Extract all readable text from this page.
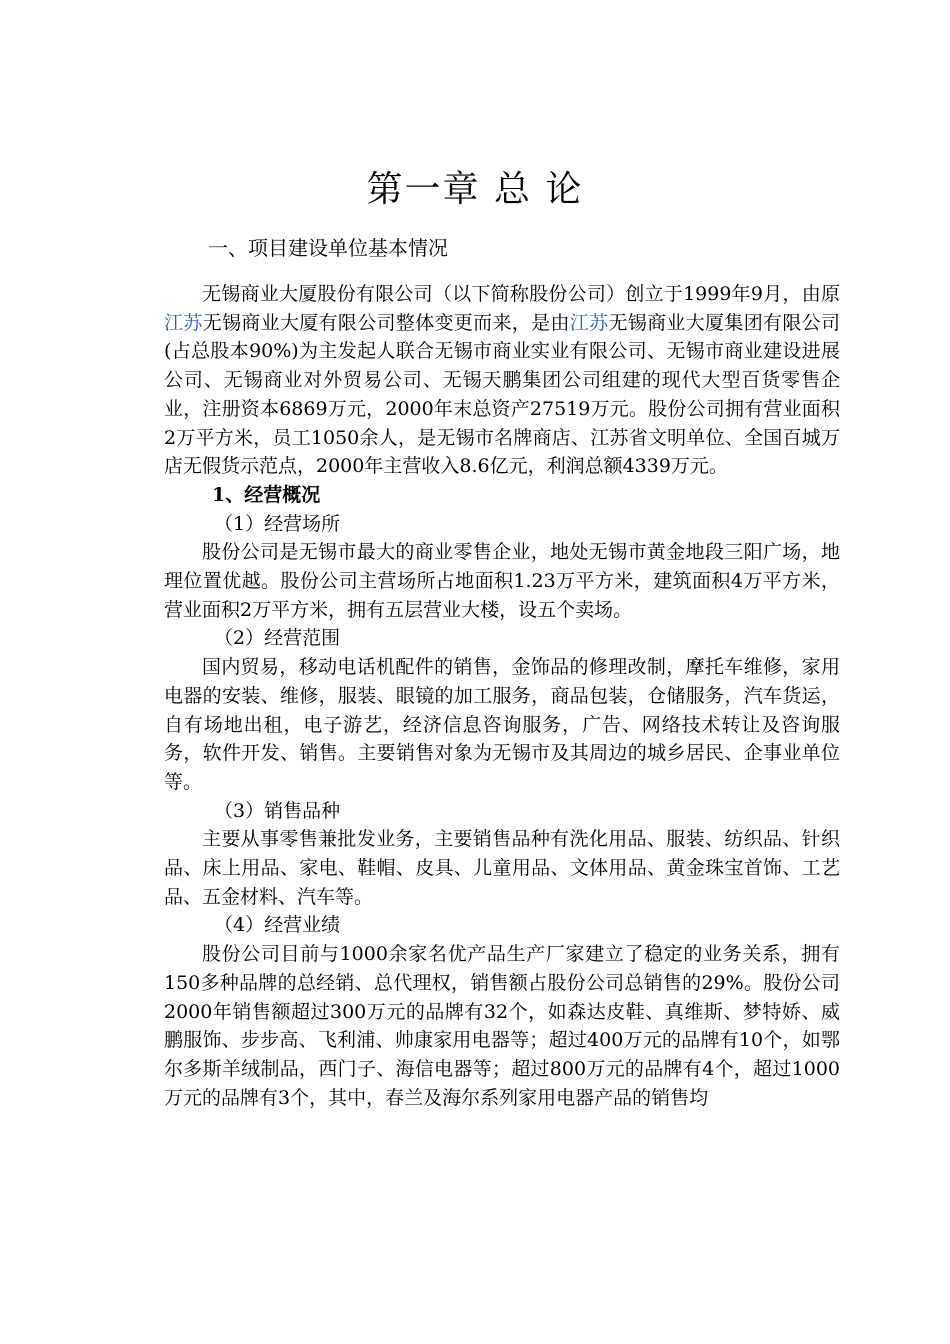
第一章 总 论
一、项目建设单位基本情况

无锡商业大厦股份有限公司（以下简称股份公司）创立于1999年9月，由原江苏无锡商业大厦有限公司整体变更而来，是由江苏无锡商业大厦集团有限公司(占总股本90%)为主发起人联合无锡市商业实业有限公司、无锡市商业建设进展公司、无锡商业对外贸易公司、无锡天鹏集团公司组建的现代大型百货零售企业，注册资本6869万元，2000年末总资产27519万元。股份公司拥有营业面积2万平方米，员工1050余人，是无锡市名牌商店、江苏省文明单位、全国百城万店无假货示范点，2000年主营收入8.6亿元，利润总额4339万元。

1、经营概况

（1）经营场所

股份公司是无锡市最大的商业零售企业，地处无锡市黄金地段三阳广场，地理位置优越。股份公司主营场所占地面积1.23万平方米，建筑面积4万平方米，营业面积2万平方米，拥有五层营业大楼，设五个卖场。

（2）经营范围

国内贸易，移动电话机配件的销售，金饰品的修理改制，摩托车维修，家用电器的安装、维修，服装、眼镜的加工服务，商品包装，仓储服务，汽车货运，自有场地出租，电子游艺，经济信息咨询服务，广告、网络技术转让及咨询服务，软件开发、销售。主要销售对象为无锡市及其周边的城乡居民、企事业单位等。

（3）销售品种

主要从事零售兼批发业务，主要销售品种有洗化用品、服装、纺织品、针织品、床上用品、家电、鞋帽、皮具、儿童用品、文体用品、黄金珠宝首饰、工艺品、五金材料、汽车等。

（4）经营业绩

股份公司目前与1000余家名优产品生产厂家建立了稳定的业务关系，拥有150多种品牌的总经销、总代理权，销售额占股份公司总销售的29%。股份公司2000年销售额超过300万元的品牌有32个，如森达皮鞋、真维斯、梦特娇、威鹏服饰、步步高、飞利浦、帅康家用电器等；超过400万元的品牌有10个，如鄂尔多斯羊绒制品，西门子、海信电器等；超过800万元的品牌有4个，超过1000万元的品牌有3个，其中，春兰及海尔系列家用电器产品的销售均
